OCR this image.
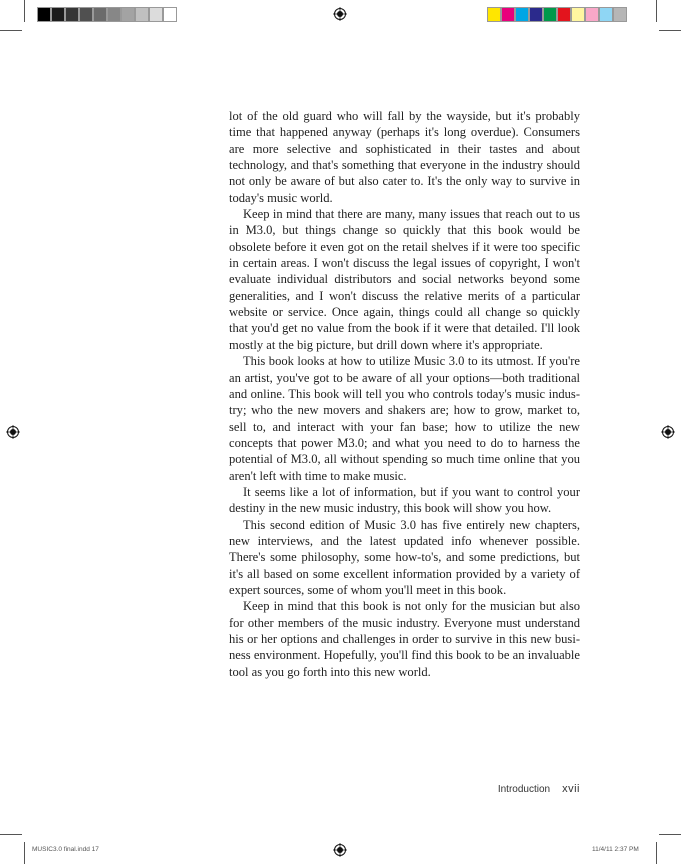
lot of the old guard who will fall by the wayside, but it's probably time that happened anyway (perhaps it's long overdue). Consumers are more selective and sophisticated in their tastes and about technology, and that's something that everyone in the industry should not only be aware of but also cater to. It's the only way to survive in today's music world.

Keep in mind that there are many, many issues that reach out to us in M3.0, but things change so quickly that this book would be obsolete before it even got on the retail shelves if it were too specific in certain areas. I won't discuss the legal issues of copyright, I won't evaluate individual distributors and social networks beyond some generalities, and I won't discuss the relative merits of a particular website or service. Once again, things could all change so quickly that you'd get no value from the book if it were that detailed. I'll look mostly at the big picture, but drill down where it's appropriate.

This book looks at how to utilize Music 3.0 to its utmost. If you're an artist, you've got to be aware of all your options—both traditional and online. This book will tell you who controls today's music industry; who the new movers and shakers are; how to grow, market to, sell to, and interact with your fan base; how to utilize the new concepts that power M3.0; and what you need to do to harness the potential of M3.0, all without spending so much time online that you aren't left with time to make music.

It seems like a lot of information, but if you want to control your destiny in the new music industry, this book will show you how.

This second edition of Music 3.0 has five entirely new chapters, new interviews, and the latest updated info whenever possible. There's some philosophy, some how-to's, and some predictions, but it's all based on some excellent information provided by a variety of expert sources, some of whom you'll meet in this book.

Keep in mind that this book is not only for the musician but also for other members of the music industry. Everyone must understand his or her options and challenges in order to survive in this new business environment. Hopefully, you'll find this book to be an invaluable tool as you go forth into this new world.

Introduction xvii
MUSIC3.0 final.indd 17	11/4/11 2:37 PM
